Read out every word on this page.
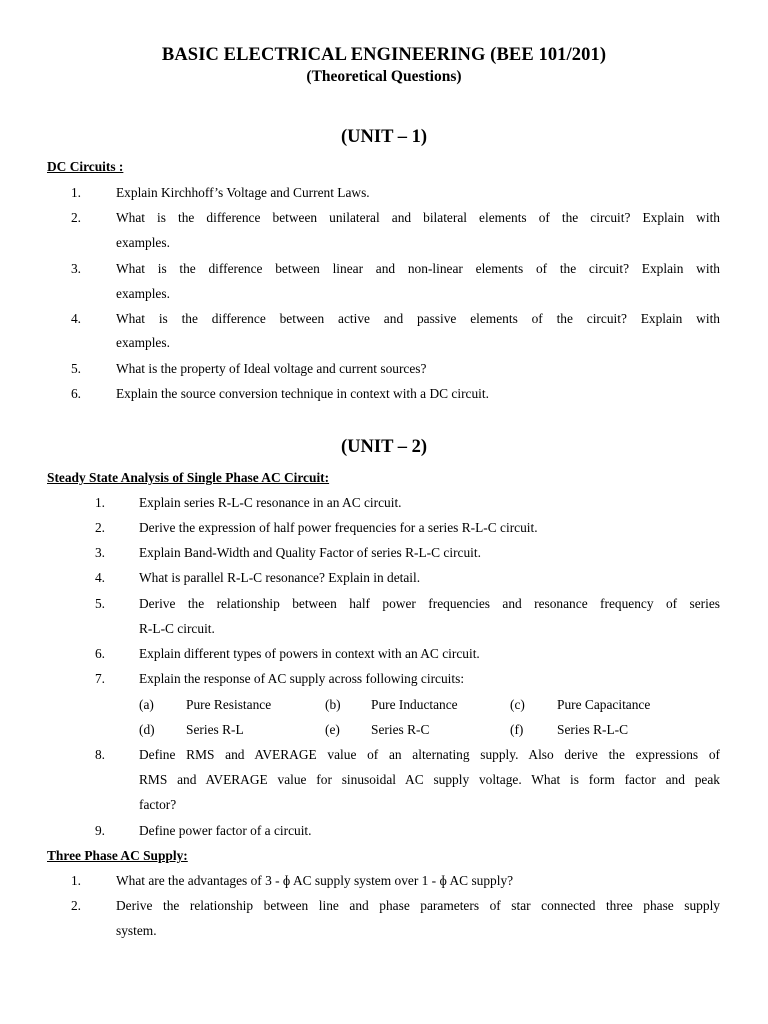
BASIC ELECTRICAL ENGINEERING (BEE 101/201)
(Theoretical Questions)
(UNIT – 1)
DC Circuits :
1.	Explain Kirchhoff’s Voltage and Current Laws.
2.	What is the difference between unilateral and bilateral elements of the circuit? Explain with
examples.
3.	What is the difference between linear and non-linear elements of the circuit? Explain with
examples.
4.	What is the difference between active and passive elements of the circuit? Explain with
examples.
5.	What is the property of Ideal voltage and current sources?
6.	Explain the source conversion technique in context with a DC circuit.
(UNIT – 2)
Steady State Analysis of Single Phase AC Circuit:
1.	Explain series R-L-C resonance in an AC circuit.
2.	Derive the expression of half power frequencies for a series R-L-C circuit.
3.	Explain Band-Width and Quality Factor of series R-L-C circuit.
4.	What is parallel R-L-C resonance? Explain in detail.
5.	Derive the relationship between half power frequencies and resonance frequency of series
R-L-C circuit.
6.	Explain different types of powers in context with an AC circuit.
7.	Explain the response of AC supply across following circuits:
(a) Pure Resistance	(b) Pure Inductance	(c) Pure Capacitance
(d) Series R-L	(e) Series R-C	(f)	Series R-L-C
8.	Define RMS and AVERAGE value of an alternating supply. Also derive the expressions of
RMS and AVERAGE value for sinusoidal AC supply voltage. What is form factor and peak
factor?
9.	Define power factor of a circuit.
Three Phase AC Supply:
1.	What are the advantages of 3 - ɸ AC supply system over 1 - ɸ AC supply?
2.	Derive the relationship between line and phase parameters of star connected three phase supply
system.
